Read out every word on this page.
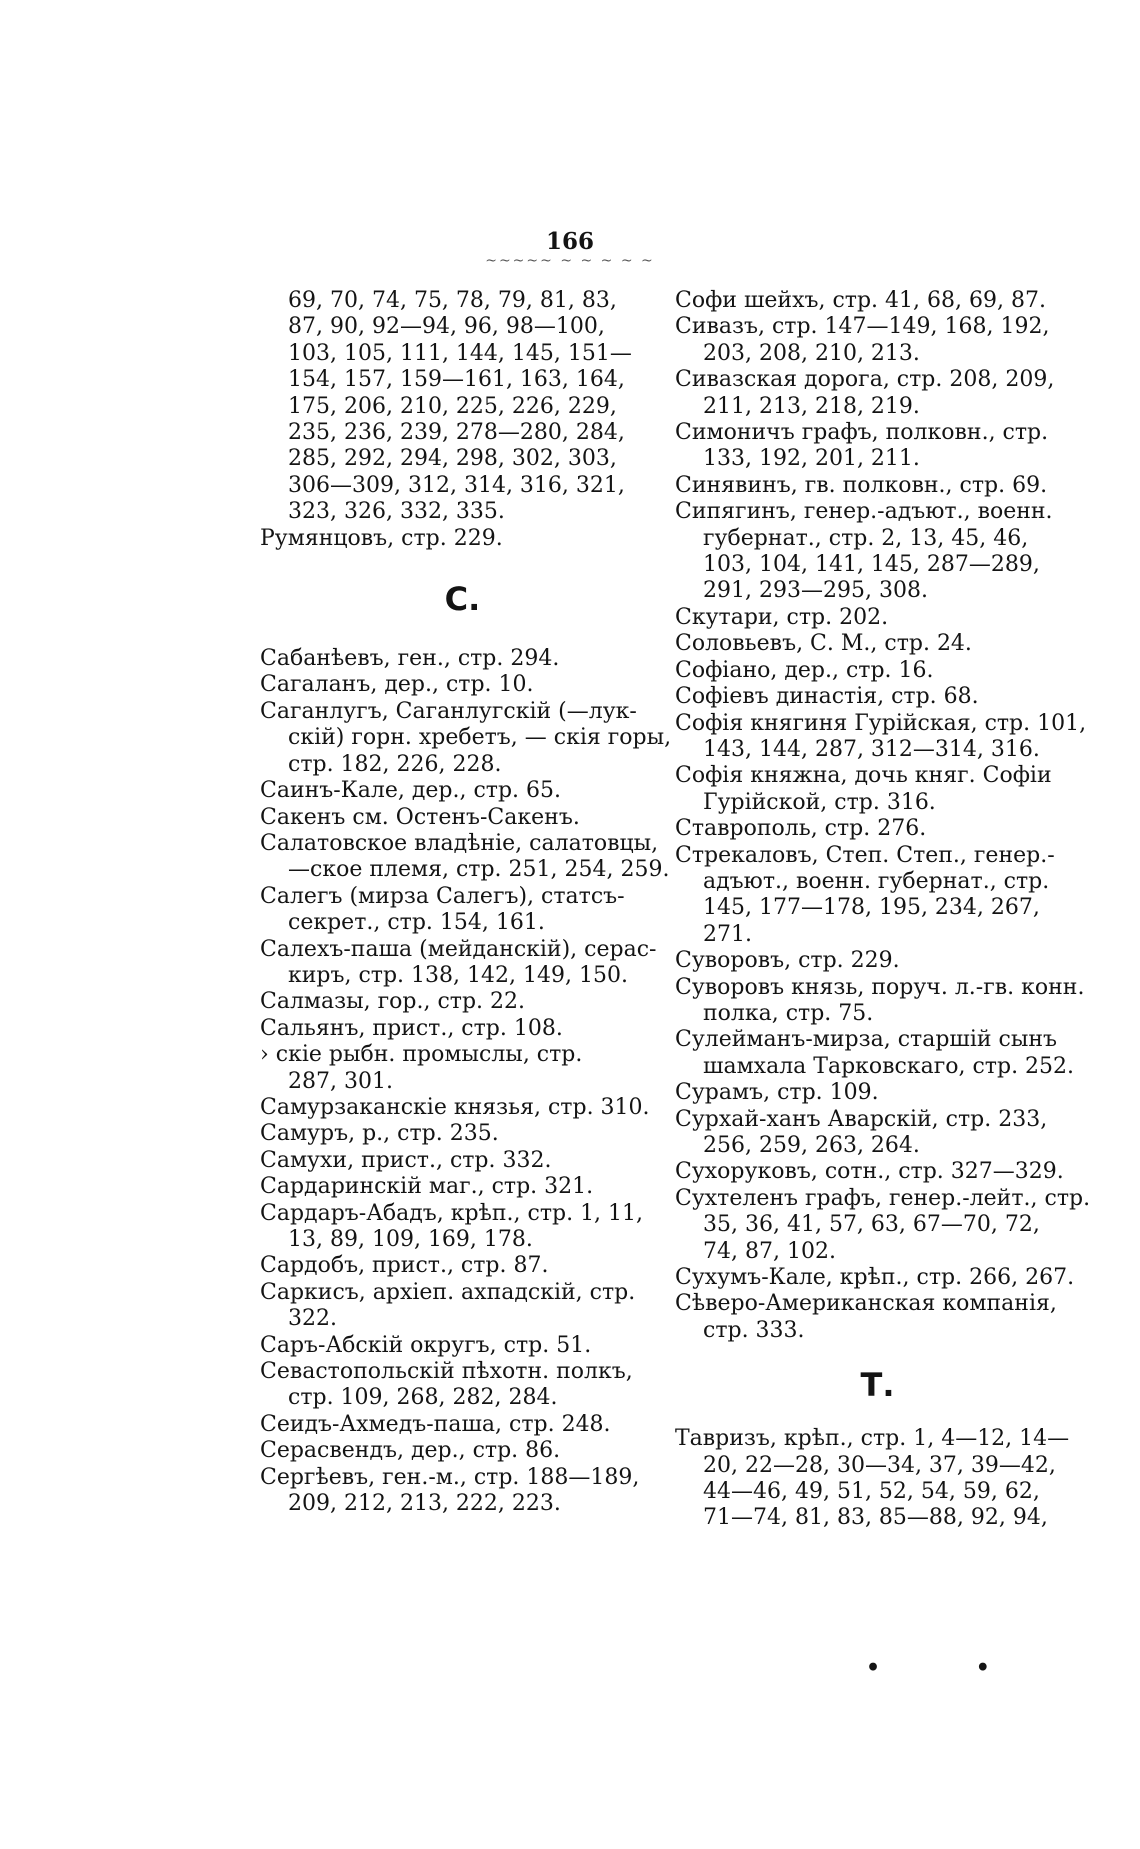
166
~~~~~ ~ ~ ~ ~ ~
69, 70, 74, 75, 78, 79, 81, 83,
87, 90, 92—94, 96, 98—100,
103, 105, 111, 144, 145, 151—
154, 157, 159—161, 163, 164,
175, 206, 210, 225, 226, 229,
235, 236, 239, 278—280, 284,
285, 292, 294, 298, 302, 303,
306—309, 312, 314, 316, 321,
323, 326, 332, 335.
Румянцовъ, стр. 229.
С.
Сабанѣевъ, ген., стр. 294.
Сагаланъ, дер., стр. 10.
Саганлугъ, Саганлугскій (—лук-
скій) горн. хребетъ, — скія горы,
стр. 182, 226, 228.
Саинъ-Кале, дер., стр. 65.
Сакенъ см. Остенъ-Сакенъ.
Салатовское владѣніе, салатовцы,
—ское племя, стр. 251, 254, 259.
Салегъ (мирза Салегъ), статсъ-
секрет., стр. 154, 161.
Салехъ-паша (мейданскій), серас-
киръ, стр. 138, 142, 149, 150.
Салмазы, гор., стр. 22.
Сальянъ, прист., стр. 108.
› скіе рыбн. промыслы, стр.
287, 301.
Самурзаканскіе князья, стр. 310.
Самуръ, р., стр. 235.
Самухи, прист., стр. 332.
Сардаринскій маг., стр. 321.
Сардаръ-Абадъ, крѣп., стр. 1, 11,
13, 89, 109, 169, 178.
Сардобъ, прист., стр. 87.
Саркисъ, архіеп. ахпадскій, стр.
322.
Саръ-Абскій округъ, стр. 51.
Севастопольскій пѣхотн. полкъ,
стр. 109, 268, 282, 284.
Сеидъ-Ахмедъ-паша, стр. 248.
Серасвендъ, дер., стр. 86.
Сергѣевъ, ген.-м., стр. 188—189,
209, 212, 213, 222, 223.
Софи шейхъ, стр. 41, 68, 69, 87.
Сивазъ, стр. 147—149, 168, 192,
203, 208, 210, 213.
Сивазская дорога, стр. 208, 209,
211, 213, 218, 219.
Симоничъ графъ, полковн., стр.
133, 192, 201, 211.
Синявинъ, гв. полковн., стр. 69.
Сипягинъ, генер.-адъют., военн.
губернат., стр. 2, 13, 45, 46,
103, 104, 141, 145, 287—289,
291, 293—295, 308.
Скутари, стр. 202.
Соловьевъ, С. М., стр. 24.
Софіано, дер., стр. 16.
Софіевъ династія, стр. 68.
Софія княгиня Гурійская, стр. 101,
143, 144, 287, 312—314, 316.
Софія княжна, дочь княг. Софіи
Гурійской, стр. 316.
Ставрополь, стр. 276.
Стрекаловъ, Степ. Степ., генер.-
адъют., военн. губернат., стр.
145, 177—178, 195, 234, 267,
271.
Суворовъ, стр. 229.
Суворовъ князь, поруч. л.-гв. конн.
полка, стр. 75.
Сулейманъ-мирза, старшій сынъ
шамхала Тарковскаго, стр. 252.
Сурамъ, стр. 109.
Сурхай-ханъ Аварскій, стр. 233,
256, 259, 263, 264.
Сухоруковъ, сотн., стр. 327—329.
Сухтеленъ графъ, генер.-лейт., стр.
35, 36, 41, 57, 63, 67—70, 72,
74, 87, 102.
Сухумъ-Кале, крѣп., стр. 266, 267.
Сѣверо-Американская компанія,
стр. 333.
Т.
Тавризъ, крѣп., стр. 1, 4—12, 14—
20, 22—28, 30—34, 37, 39—42,
44—46, 49, 51, 52, 54, 59, 62,
71—74, 81, 83, 85—88, 92, 94,
• •
